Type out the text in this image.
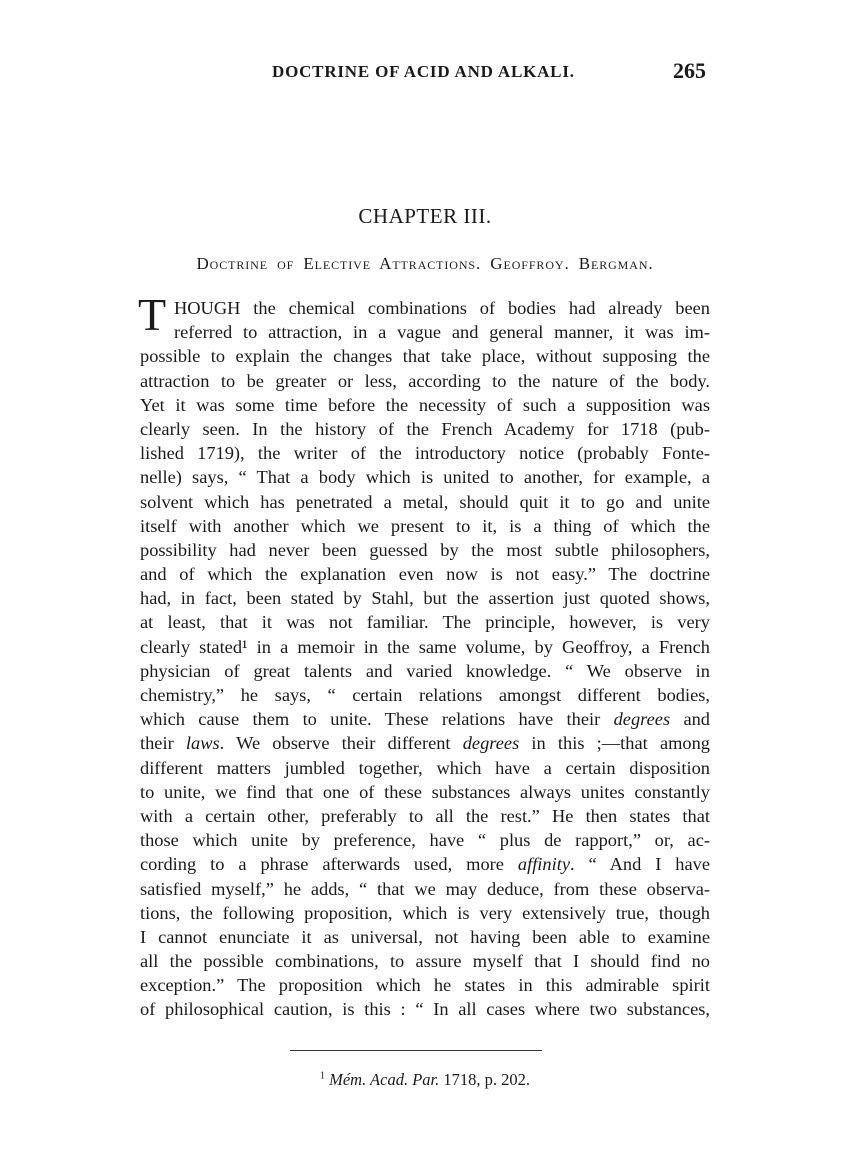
DOCTRINE OF ACID AND ALKALI.	265
CHAPTER III.
Doctrine of Elective Attractions. Geoffroy. Bergman.
T HOUGH the chemical combinations of bodies had already been
referred to attraction, in a vague and general manner, it was im-
possible to explain the changes that take place, without supposing the
attraction to be greater or less, according to the nature of the body.
Yet it was some time before the necessity of such a supposition was
clearly seen. In the history of the French Academy for 1718 (pub-
lished 1719), the writer of the introductory notice (probably Fonte-
nelle) says, “ That a body which is united to another, for example, a
solvent which has penetrated a metal, should quit it to go and unite
itself with another which we present to it, is a thing of which the
possibility had never been guessed by the most subtle philosophers,
and of which the explanation even now is not easy.” The doctrine
had, in fact, been stated by Stahl, but the assertion just quoted shows,
at least, that it was not familiar. The principle, however, is very
clearly stated¹ in a memoir in the same volume, by Geoffroy, a French
physician of great talents and varied knowledge. “ We observe in
chemistry,” he says, “ certain relations amongst different bodies,
which cause them to unite. These relations have their degrees and
their laws. We observe their different degrees in this ;—that among
different matters jumbled together, which have a certain disposition
to unite, we find that one of these substances always unites constantly
with a certain other, preferably to all the rest.” He then states that
those which unite by preference, have “ plus de rapport,” or, ac-
cording to a phrase afterwards used, more affinity. “ And I have
satisfied myself,” he adds, “ that we may deduce, from these observa-
tions, the following proposition, which is very extensively true, though
I cannot enunciate it as universal, not having been able to examine
all the possible combinations, to assure myself that I should find no
exception.” The proposition which he states in this admirable spirit
of philosophical caution, is this : “ In all cases where two substances,
$^1$ Mém. Acad. Par. 1718, p. 202.
